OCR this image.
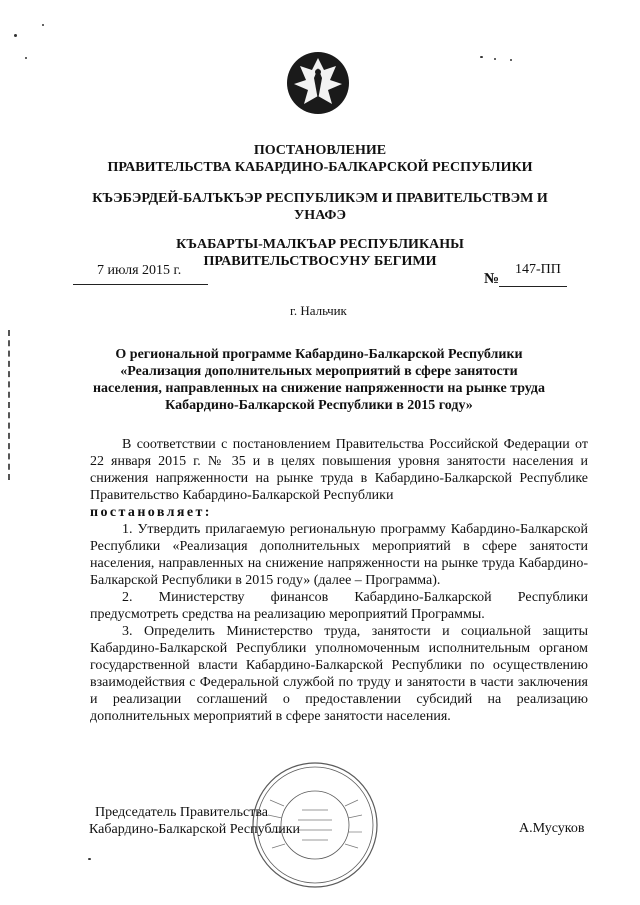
ПОСТАНОВЛЕНИЕ
ПРАВИТЕЛЬСТВА КАБАРДИНО-БАЛКАРСКОЙ РЕСПУБЛИКИ
КЪЭБЭРДЕЙ-БАЛЪКЪЭР РЕСПУБЛИКЭМ И ПРАВИТЕЛЬСТВЭМ И УНАФЭ
КЪАБАРТЫ-МАЛКЪАР РЕСПУБЛИКАНЫ ПРАВИТЕЛЬСТВОСУНУ БЕГИМИ
7 июля 2015 г.
№
147-ПП
г. Нальчик
О региональной программе Кабардино-Балкарской Республики «Реализация дополнительных мероприятий в сфере занятости населения, направленных на снижение напряженности на рынке труда Кабардино-Балкарской Республики в 2015 году»

В соответствии с постановлением Правительства Российской Федерации от 22 января 2015 г. № 35 и в целях повышения уровня занятости населения и снижения напряженности на рынке труда в Кабардино-Балкарской Республике Правительство Кабардино-Балкарской Республики

постановляет:

1. Утвердить прилагаемую региональную программу Кабардино-Балкарской Республики «Реализация дополнительных мероприятий в сфере занятости населения, направленных на снижение напряженности на рынке труда Кабардино-Балкарской Республики в 2015 году» (далее – Программа).

2. Министерству финансов Кабардино-Балкарской Республики предусмотреть средства на реализацию мероприятий Программы.

3. Определить Министерство труда, занятости и социальной защиты Кабардино-Балкарской Республики уполномоченным исполнительным органом государственной власти Кабардино-Балкарской Республики по осуществлению взаимодействия с Федеральной службой по труду и занятости в части заключения и реализации соглашений о предоставлении субсидий на реализацию дополнительных мероприятий в сфере занятости населения.

Председатель Правительства
Кабардино-Балкарской Республики	А.Мусуков
